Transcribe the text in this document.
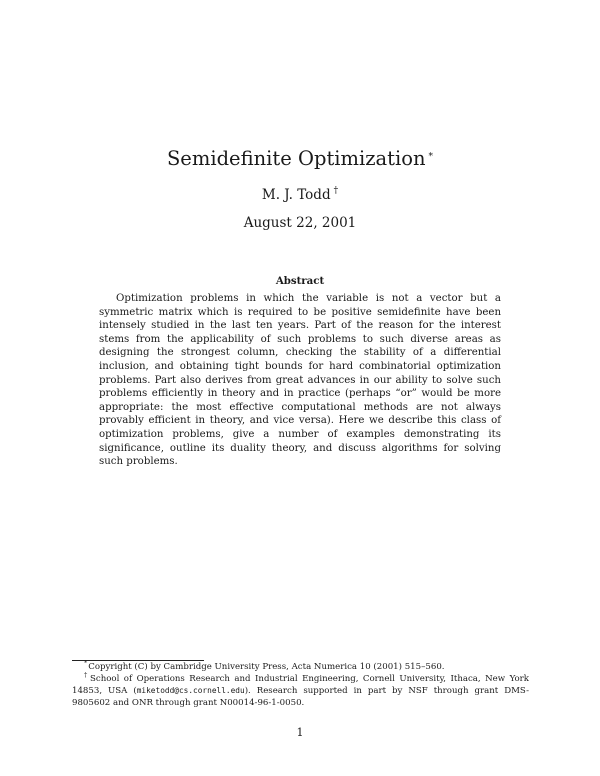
Semidefinite Optimization *
M. J. Todd †
August 22, 2001
Abstract

Optimization problems in which the variable is not a vector but a symmetric matrix which is required to be positive semidefinite have been intensely studied in the last ten years. Part of the reason for the interest stems from the applicability of such problems to such diverse areas as designing the strongest column, checking the stability of a differential inclusion, and obtaining tight bounds for hard combinatorial optimization problems. Part also derives from great advances in our ability to solve such problems efficiently in theory and in practice (perhaps “or” would be more appropriate: the most effective computational methods are not always provably efficient in theory, and vice versa). Here we describe this class of optimization problems, give a number of examples demonstrating its significance, outline its duality theory, and discuss algorithms for solving such problems.

*Copyright (C) by Cambridge University Press, Acta Numerica 10 (2001) 515–560.

†School of Operations Research and Industrial Engineering, Cornell University, Ithaca, New York 14853, USA (miketodd@cs.cornell.edu). Research supported in part by NSF through grant DMS-9805602 and ONR through grant N00014-96-1-0050.

1
